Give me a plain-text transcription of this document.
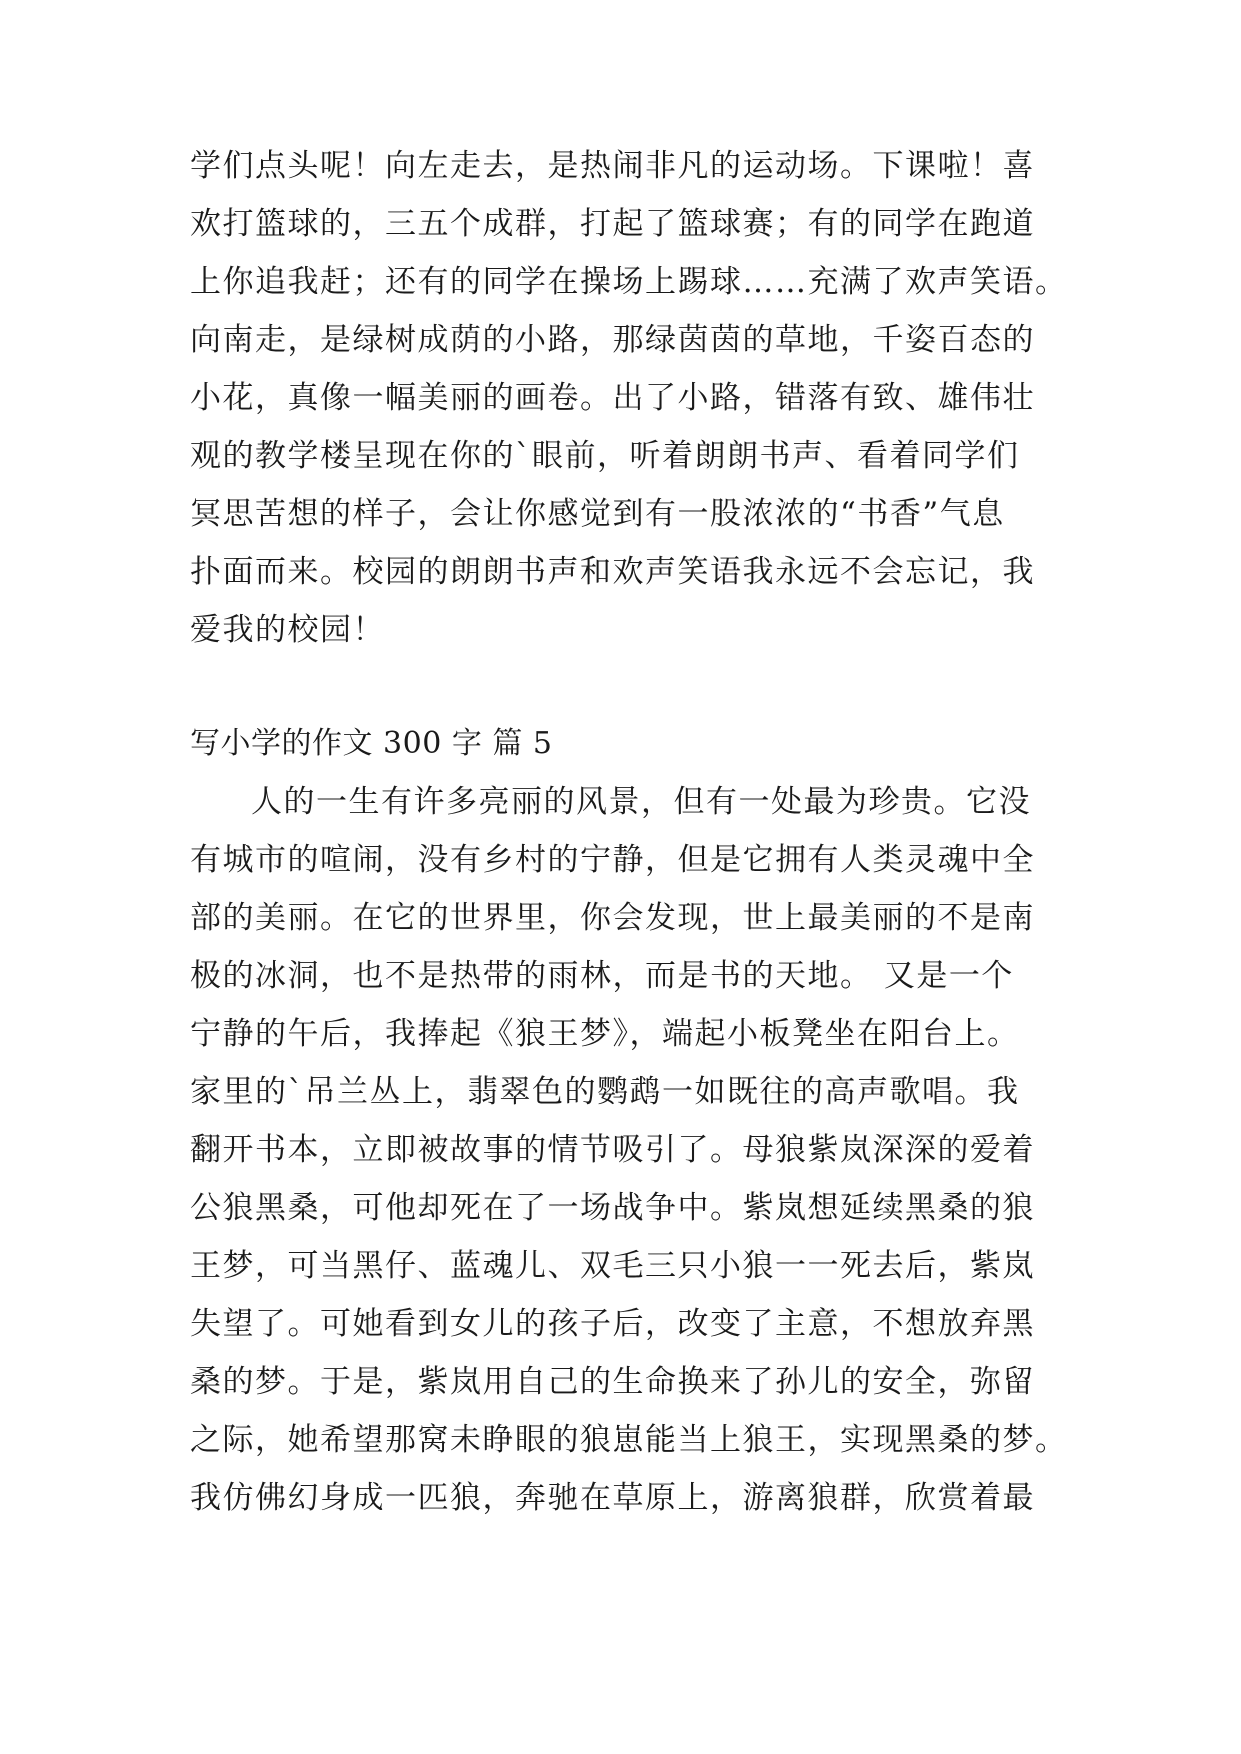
学们点头呢！向左走去，是热闹非凡的运动场。下课啦！喜
欢打篮球的，三五个成群，打起了篮球赛；有的同学在跑道
上你追我赶；还有的同学在操场上踢球……充满了欢声笑语。
向南走，是绿树成荫的小路，那绿茵茵的草地，千姿百态的
小花，真像一幅美丽的画卷。出了小路，错落有致、雄伟壮
观的教学楼呈现在你的`眼前，听着朗朗书声、看着同学们
冥思苦想的样子，会让你感觉到有一股浓浓的“书香”气息
扑面而来。校园的朗朗书声和欢声笑语我永远不会忘记，我
爱我的校园！
写小学的作文 300 字 篇 5
人的一生有许多亮丽的风景，但有一处最为珍贵。它没
有城市的喧闹，没有乡村的宁静，但是它拥有人类灵魂中全
部的美丽。在它的世界里，你会发现，世上最美丽的不是南
极的冰洞，也不是热带的雨林，而是书的天地。 又是一个
宁静的午后，我捧起《狼王梦》，端起小板凳坐在阳台上。
家里的`吊兰丛上，翡翠色的鹦鹉一如既往的高声歌唱。我
翻开书本，立即被故事的情节吸引了。母狼紫岚深深的爱着
公狼黑桑，可他却死在了一场战争中。紫岚想延续黑桑的狼
王梦，可当黑仔、蓝魂儿、双毛三只小狼一一死去后，紫岚
失望了。可她看到女儿的孩子后，改变了主意，不想放弃黑
桑的梦。于是，紫岚用自己的生命换来了孙儿的安全，弥留
之际，她希望那窝未睁眼的狼崽能当上狼王，实现黑桑的梦。
我仿佛幻身成一匹狼，奔驰在草原上，游离狼群，欣赏着最
